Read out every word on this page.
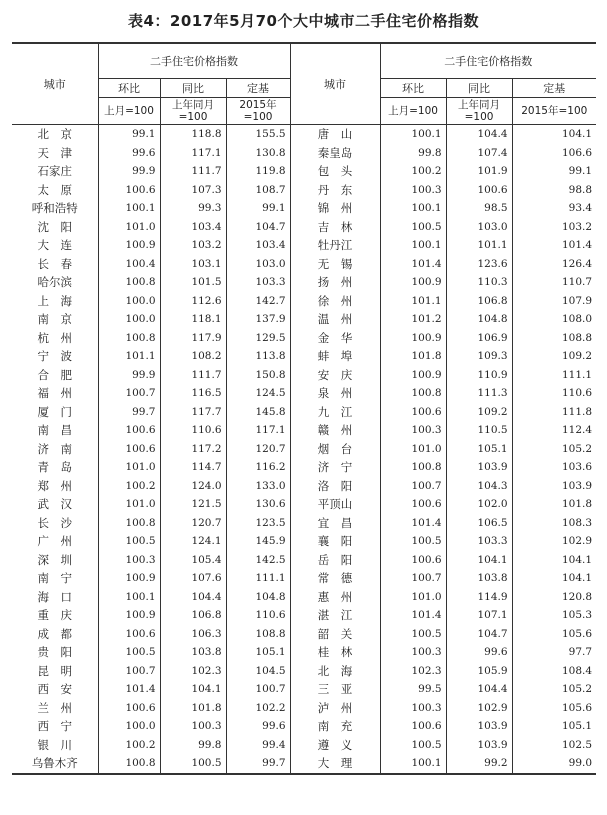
表4：2017年5月70个大中城市二手住宅价格指数
城市	二手住宅价格指数			城市	二手住宅价格指数		
	环比	同比	定基		环比	同比	定基
	上月=100	上年同月=100	2015年=100		上月=100	上年同月=100	2015年=100
北　京	99.1	118.8	155.5	唐　山	100.1	104.4	104.1
天　津	99.6	117.1	130.8	秦皇岛	99.8	107.4	106.6
石家庄	99.9	111.7	119.8	包　头	100.2	101.9	99.1
太　原	100.6	107.3	108.7	丹　东	100.3	100.6	98.8
呼和浩特	100.1	99.3	99.1	锦　州	100.1	98.5	93.4
沈　阳	101.0	103.4	104.7	吉　林	100.5	103.0	103.2
大　连	100.9	103.2	103.4	牡丹江	100.1	101.1	101.4
长　春	100.4	103.1	103.0	无　锡	101.4	123.6	126.4
哈尔滨	100.8	101.5	103.3	扬　州	100.9	110.3	110.7
上　海	100.0	112.6	142.7	徐　州	101.1	106.8	107.9
南　京	100.0	118.1	137.9	温　州	101.2	104.8	108.0
杭　州	100.8	117.9	129.5	金　华	100.9	106.9	108.8
宁　波	101.1	108.2	113.8	蚌　埠	101.8	109.3	109.2
合　肥	99.9	111.7	150.8	安　庆	100.9	110.9	111.1
福　州	100.7	116.5	124.5	泉　州	100.8	111.3	110.6
厦　门	99.7	117.7	145.8	九　江	100.6	109.2	111.8
南　昌	100.6	110.6	117.1	赣　州	100.3	110.5	112.4
济　南	100.6	117.2	120.7	烟　台	101.0	105.1	105.2
青　岛	101.0	114.7	116.2	济　宁	100.8	103.9	103.6
郑　州	100.2	124.0	133.0	洛　阳	100.7	104.3	103.9
武　汉	101.0	121.5	130.6	平顶山	100.6	102.0	101.8
长　沙	100.8	120.7	123.5	宜　昌	101.4	106.5	108.3
广　州	100.5	124.1	145.9	襄　阳	100.5	103.3	102.9
深　圳	100.3	105.4	142.5	岳　阳	100.6	104.1	104.1
南　宁	100.9	107.6	111.1	常　德	100.7	103.8	104.1
海　口	100.1	104.4	104.8	惠　州	101.0	114.9	120.8
重　庆	100.9	106.8	110.6	湛　江	101.4	107.1	105.3
成　都	100.6	106.3	108.8	韶　关	100.5	104.7	105.6
贵　阳	100.5	103.8	105.1	桂　林	100.3	99.6	97.7
昆　明	100.7	102.3	104.5	北　海	102.3	105.9	108.4
西　安	101.4	104.1	100.7	三　亚	99.5	104.4	105.2
兰　州	100.6	101.8	102.2	泸　州	100.3	102.9	105.6
西　宁	100.0	100.3	99.6	南　充	100.6	103.9	105.1
银　川	100.2	99.8	99.4	遵　义	100.5	103.9	102.5
乌鲁木齐	100.8	100.5	99.7	大　理	100.1	99.2	99.0
